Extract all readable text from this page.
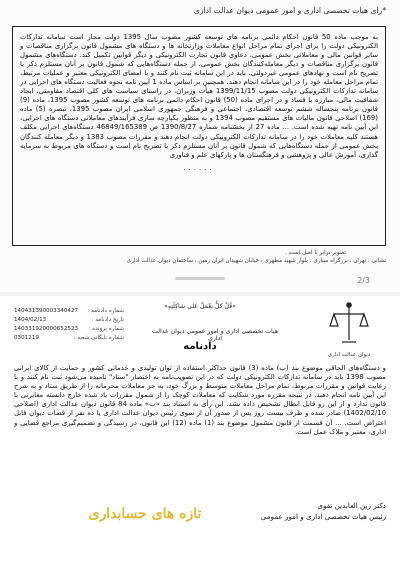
*رای هیات تخصصی اداری و امور عمومی دیوان عدالت اداری

به موجب ماده 50 قانون احکام دائمی برنامه های توسعه کشور مصوب سال 1395 دولت مجاز است سامانه تدارکات الکترونیکی دولت را برای اجرای تمام مراحل انواع معاملات وزارتخانه ها و دستگاه های مشمول قانون برگزاری مناقصات و سایر قوانین مالی و معاملاتی بخش عمومی، دعاوی قانون تجارت الکترونیکی و دیگر قوانین تکمیل کند. دستگاه‌های مشمول قانون برگزاری مناقصات و دیگر معامله‌کنندگان بخش عمومی، از جمله دستگاه‌هایی که شمول قانون بر آنان مستلزم ذکر یا تصریح نام است و نهادهای عمومی غیردولتی، باید در این سامانه ثبت نام کنند و با امضای الکترونیکی معتبر و عملیات مرتبط، تمام مراحل معامله خود را در این سامانه انجام دهند. همچنین بر اساس ماده 1 آیین نامه نحوه فعالیت دستگاه های اجرایی در سامانه تدارکات الکترونیکی دولت مصوب 1399/11/15 هیأت وزیران، در راستای سیاست های کلی اقتصاد مقاومتی، ایجاد شفافیت مالی، مبارزه با فساد و در اجرای ماده (50) قانون احکام دائمی برنامه های توسعه کشور مصوب 1395، ماده (9) قانون برنامه پنجساله ششم توسعه اقتصادی، اجتماعی و فرهنگی جمهوری اسلامی ایران مصوب 1395، تبصره (5) ماده (169) اصلاحی قانون مالیات های مستقیم مصوب 1394 و به منظور یکپارچه سازی فرآیندهای معاملاتی دستگاه های اجرایی، این آیین نامه تهیه شده است. ... ماده 27 از بخشنامه شماره 1390/8/27 ص 46849/165389 دستگاه‌های اجرایی مکلف هستند کلیه معاملات خود را در سامانه تدارکات الکترونیکی دولت انجام دهند و مقررات مصوب 1383 و دیگر معامله کنندگان بخش عمومی از جمله دستگاه‌هایی که شمول قانون بر آنان مستلزم ذکر یا تصریح نام است و دستگاه های مربوط به سرمایه گذاری، آموزش عالی و پژوهشی و فرهنگستان ها و پارکهای علم و فناوری

......
تصویر برابر با اصل است .
نشانی : تهران ، بزرگراه ستاری ، بلوار شهید مطهری ، خیابان شهیدان ایران زمین ، ساختمان دیوان عدالت اداری
2/3
«قُلْ کلٌّ یعْمَلُ عَلی شاکِلَتِهِ»
دیوان عدالت اداری
شماره دادنامه :
140431390003340427
تاریخ دادنامه :
1404/02/13
شماره پرونده :
140331920000652523
شماره بایگانی شعبه :
0301219
هیات تخصصی اداری و امور عمومی دیوان عدالت اداری
دادنامه

و دستگاه‌های الحاقی موضوع بند (ب) ماده (3) قانون حداکثر استفاده از توان تولیدی و خدماتی کشور و حمایت از کالای ایرانی مصوب 1398 باید در سامانه تدارکات الکترونیکی دولت که در این تصویب‌نامه به اختصار "ستاد" نامیده می‌شود ثبت نام کنند و با رعایت قوانین و مقررات مربوط، تمام مراحل معاملات متوسط و بزرگ خود، به جز معاملات محرمانه را از طریق ستاد و به شرح این آیین نامه انجام دهند. در نتیجه مقرره مورد شکایت که معاملات کوچک را از شمول مقررات یاد شده خارج دانسته مغایرتی با قانون ندارد و از این رو قابل ابطال تشخیص داده نشد. این رأی به استناد بند «ب» ماده 84 قانون دیوان عدالت اداری (اصلاحی 1402/02/10) صادر شده و ظرف بیست روز پس از صدور آن از سوی رئیس دیوان عدالت اداری یا ده نفر از قضات دیوان قابل اعتراض است. ... آن قسمت از قانون مشمول موضوع بند (1) ماده (12) این قانون، در رسیدگی و تصمیم‌گیری مراجع قضایی و اداری، معتبر و ملاک عمل است.

دکتر زین العابدین تقوی
رئیس هیات تخصصی اداری و امور عمومی
تازه های حسابداری
